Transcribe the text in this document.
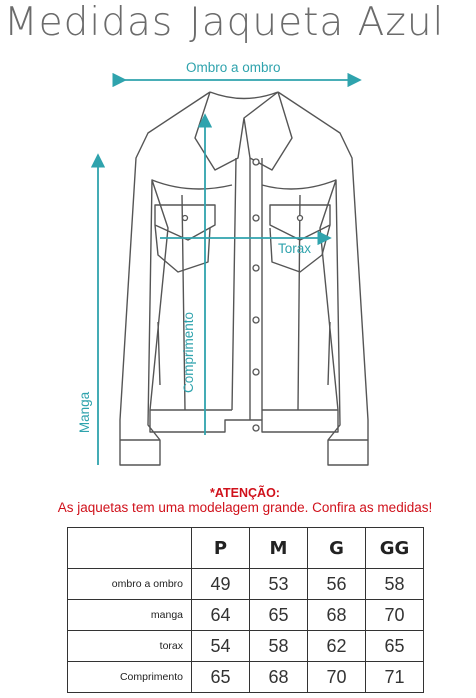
Medidas Jaqueta Azul
Ombro a ombro
Torax
Comprimento
Manga
*ATENÇÃO:
As jaquetas tem uma modelagem grande. Confira as medidas!
	P	M	G	GG
ombro a ombro	49	53	56	58
manga	64	65	68	70
torax	54	58	62	65
Comprimento	65	68	70	71
